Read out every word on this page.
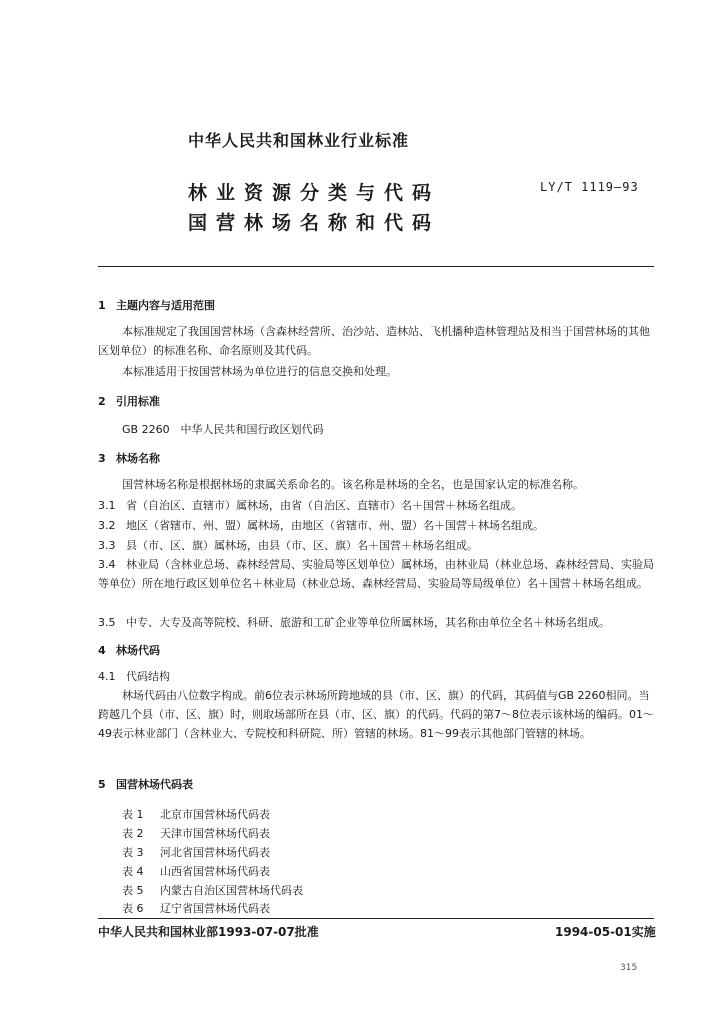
中华人民共和国林业行业标准
林业资源分类与代码
国营林场名称和代码
LY/T 1119—93
1 主题内容与适用范围
本标准规定了我国国营林场（含森林经营所、治沙站、造林站、飞机播种造林管理站及相当于国营林场的其他区划单位）的标准名称、命名原则及其代码。
本标准适用于按国营林场为单位进行的信息交换和处理。
2 引用标准
GB 2260　中华人民共和国行政区划代码
3 林场名称
国营林场名称是根据林场的隶属关系命名的。该名称是林场的全名，也是国家认定的标准名称。
3.1 省（自治区、直辖市）属林场，由省（自治区、直辖市）名＋国营＋林场名组成。
3.2 地区（省辖市、州、盟）属林场，由地区（省辖市、州、盟）名＋国营＋林场名组成。
3.3 县（市、区、旗）属林场，由县（市、区、旗）名＋国营＋林场名组成。
3.4 林业局（含林业总场、森林经营局、实验局等区划单位）属林场，由林业局（林业总场、森林经营局、实验局等单位）所在地行政区划单位名＋林业局（林业总场、森林经营局、实验局等局级单位）名＋国营＋林场名组成。
3.5 中专、大专及高等院校、科研、旅游和工矿企业等单位所属林场，其名称由单位全名＋林场名组成。
4 林场代码
4.1 代码结构
林场代码由八位数字构成。前6位表示林场所跨地域的县（市、区、旗）的代码，其码值与GB 2260相同。当跨越几个县（市、区、旗）时，则取场部所在县（市、区、旗）的代码。代码的第7～8位表示该林场的编码。01～49表示林业部门（含林业大、专院校和科研院、所）管辖的林场。81～99表示其他部门管辖的林场。
5 国营林场代码表
表 1 北京市国营林场代码表
表 2 天津市国营林场代码表
表 3 河北省国营林场代码表
表 4 山西省国营林场代码表
表 5 内蒙古自治区国营林场代码表
表 6 辽宁省国营林场代码表
中华人民共和国林业部1993-07-07批准	1994-05-01实施
315
